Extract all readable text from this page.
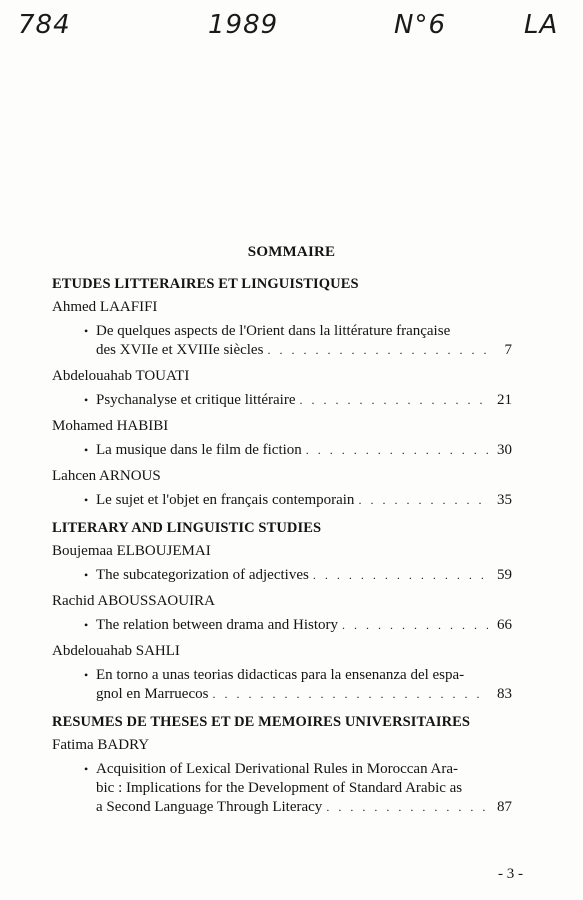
784	1989	N°6	LA
SOMMAIRE
ETUDES LITTERAIRES ET LINGUISTIQUES
Ahmed LAAFIFI
• De quelques aspects de l'Orient dans la littérature française
des XVIIe et XVIIIe siècles . . .	7
Abdelouahab TOUATI
• Psychanalyse et critique littéraire . . .	21
Mohamed HABIBI
• La musique dans le film de fiction . . .	30
Lahcen ARNOUS
• Le sujet et l'objet en français contemporain . . .	35
LITERARY AND LINGUISTIC STUDIES
Boujemaa ELBOUJEMAI
• The subcategorization of adjectives . . .	59
Rachid ABOUSSAOUIRA
• The relation between drama and History . . .	66
Abdelouahab SAHLI
• En torno a unas teorias didacticas para la ensenanza del espa-
gnol en Marruecos . . .	83
RESUMES DE THESES ET DE MEMOIRES UNIVERSITAIRES
Fatima BADRY
• Acquisition of Lexical Derivational Rules in Moroccan Ara-
bic : Implications for the Development of Standard Arabic as
a Second Language Through Literacy . . .	87
- 3 -
